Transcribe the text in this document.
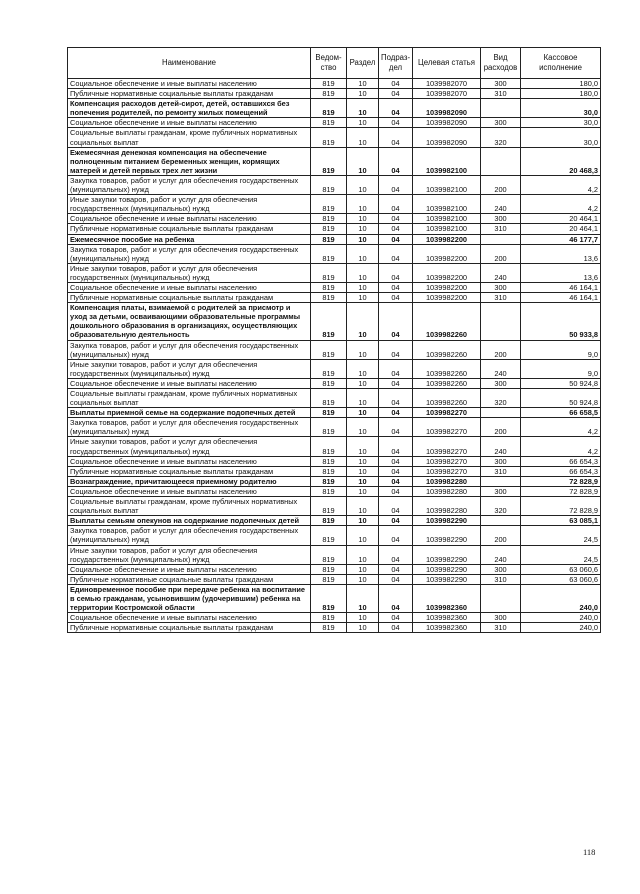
Наименование	Ведом-ство	Раздел	Подраз-дел	Целевая статья	Вид расходов	Кассовое исполнение
Социальное обеспечение и иные выплаты населению	819	10	04	1039982070	300	180,0
Публичные нормативные социальные выплаты гражданам	819	10	04	1039982070	310	180,0
Компенсация расходов детей-сирот, детей, оставшихся без попечения родителей, по ремонту жилых помещений	819	10	04	1039982090		30,0
Социальное обеспечение и иные выплаты населению	819	10	04	1039982090	300	30,0
Социальные выплаты гражданам, кроме публичных нормативных социальных выплат	819	10	04	1039982090	320	30,0
Ежемесячная денежная компенсация на обеспечение полноценным питанием беременных женщин, кормящих матерей и детей первых трех лет жизни	819	10	04	1039982100		20 468,3
Закупка товаров, работ и услуг для обеспечения государственных (муниципальных) нужд	819	10	04	1039982100	200	4,2
Иные закупки товаров, работ и услуг для обеспечения государственных (муниципальных) нужд	819	10	04	1039982100	240	4,2
Социальное обеспечение и иные выплаты населению	819	10	04	1039982100	300	20 464,1
Публичные нормативные социальные выплаты гражданам	819	10	04	1039982100	310	20 464,1
Ежемесячное пособие на ребенка	819	10	04	1039982200		46 177,7
Закупка товаров, работ и услуг для обеспечения государственных (муниципальных) нужд	819	10	04	1039982200	200	13,6
Иные закупки товаров, работ и услуг для обеспечения государственных (муниципальных) нужд	819	10	04	1039982200	240	13,6
Социальное обеспечение и иные выплаты населению	819	10	04	1039982200	300	46 164,1
Публичные нормативные социальные выплаты гражданам	819	10	04	1039982200	310	46 164,1
Компенсация платы, взимаемой с родителей за присмотр и уход за детьми, осваивающими образовательные программы дошкольного образования в организациях, осуществляющих образовательную деятельность	819	10	04	1039982260		50 933,8
Закупка товаров, работ и услуг для обеспечения государственных (муниципальных) нужд	819	10	04	1039982260	200	9,0
Иные закупки товаров, работ и услуг для обеспечения государственных (муниципальных) нужд	819	10	04	1039982260	240	9,0
Социальное обеспечение и иные выплаты населению	819	10	04	1039982260	300	50 924,8
Социальные выплаты гражданам, кроме публичных нормативных социальных выплат	819	10	04	1039982260	320	50 924,8
Выплаты приемной семье на содержание подопечных детей	819	10	04	1039982270		66 658,5
Закупка товаров, работ и услуг для обеспечения государственных (муниципальных) нужд	819	10	04	1039982270	200	4,2
Иные закупки товаров, работ и услуг для обеспечения государственных (муниципальных) нужд	819	10	04	1039982270	240	4,2
Социальное обеспечение и иные выплаты населению	819	10	04	1039982270	300	66 654,3
Публичные нормативные социальные выплаты гражданам	819	10	04	1039982270	310	66 654,3
Вознаграждение, причитающееся приемному родителю	819	10	04	1039982280		72 828,9
Социальное обеспечение и иные выплаты населению	819	10	04	1039982280	300	72 828,9
Социальные выплаты гражданам, кроме публичных нормативных социальных выплат	819	10	04	1039982280	320	72 828,9
Выплаты семьям опекунов на содержание подопечных детей	819	10	04	1039982290		63 085,1
Закупка товаров, работ и услуг для обеспечения государственных (муниципальных) нужд	819	10	04	1039982290	200	24,5
Иные закупки товаров, работ и услуг для обеспечения государственных (муниципальных) нужд	819	10	04	1039982290	240	24,5
Социальное обеспечение и иные выплаты населению	819	10	04	1039982290	300	63 060,6
Публичные нормативные социальные выплаты гражданам	819	10	04	1039982290	310	63 060,6
Единовременное пособие при передаче ребенка на воспитание в семью гражданам, усыновившим (удочерившим) ребенка на территории Костромской области	819	10	04	1039982360		240,0
Социальное обеспечение и иные выплаты населению	819	10	04	1039982360	300	240,0
Публичные нормативные социальные выплаты гражданам	819	10	04	1039982360	310	240,0
118
